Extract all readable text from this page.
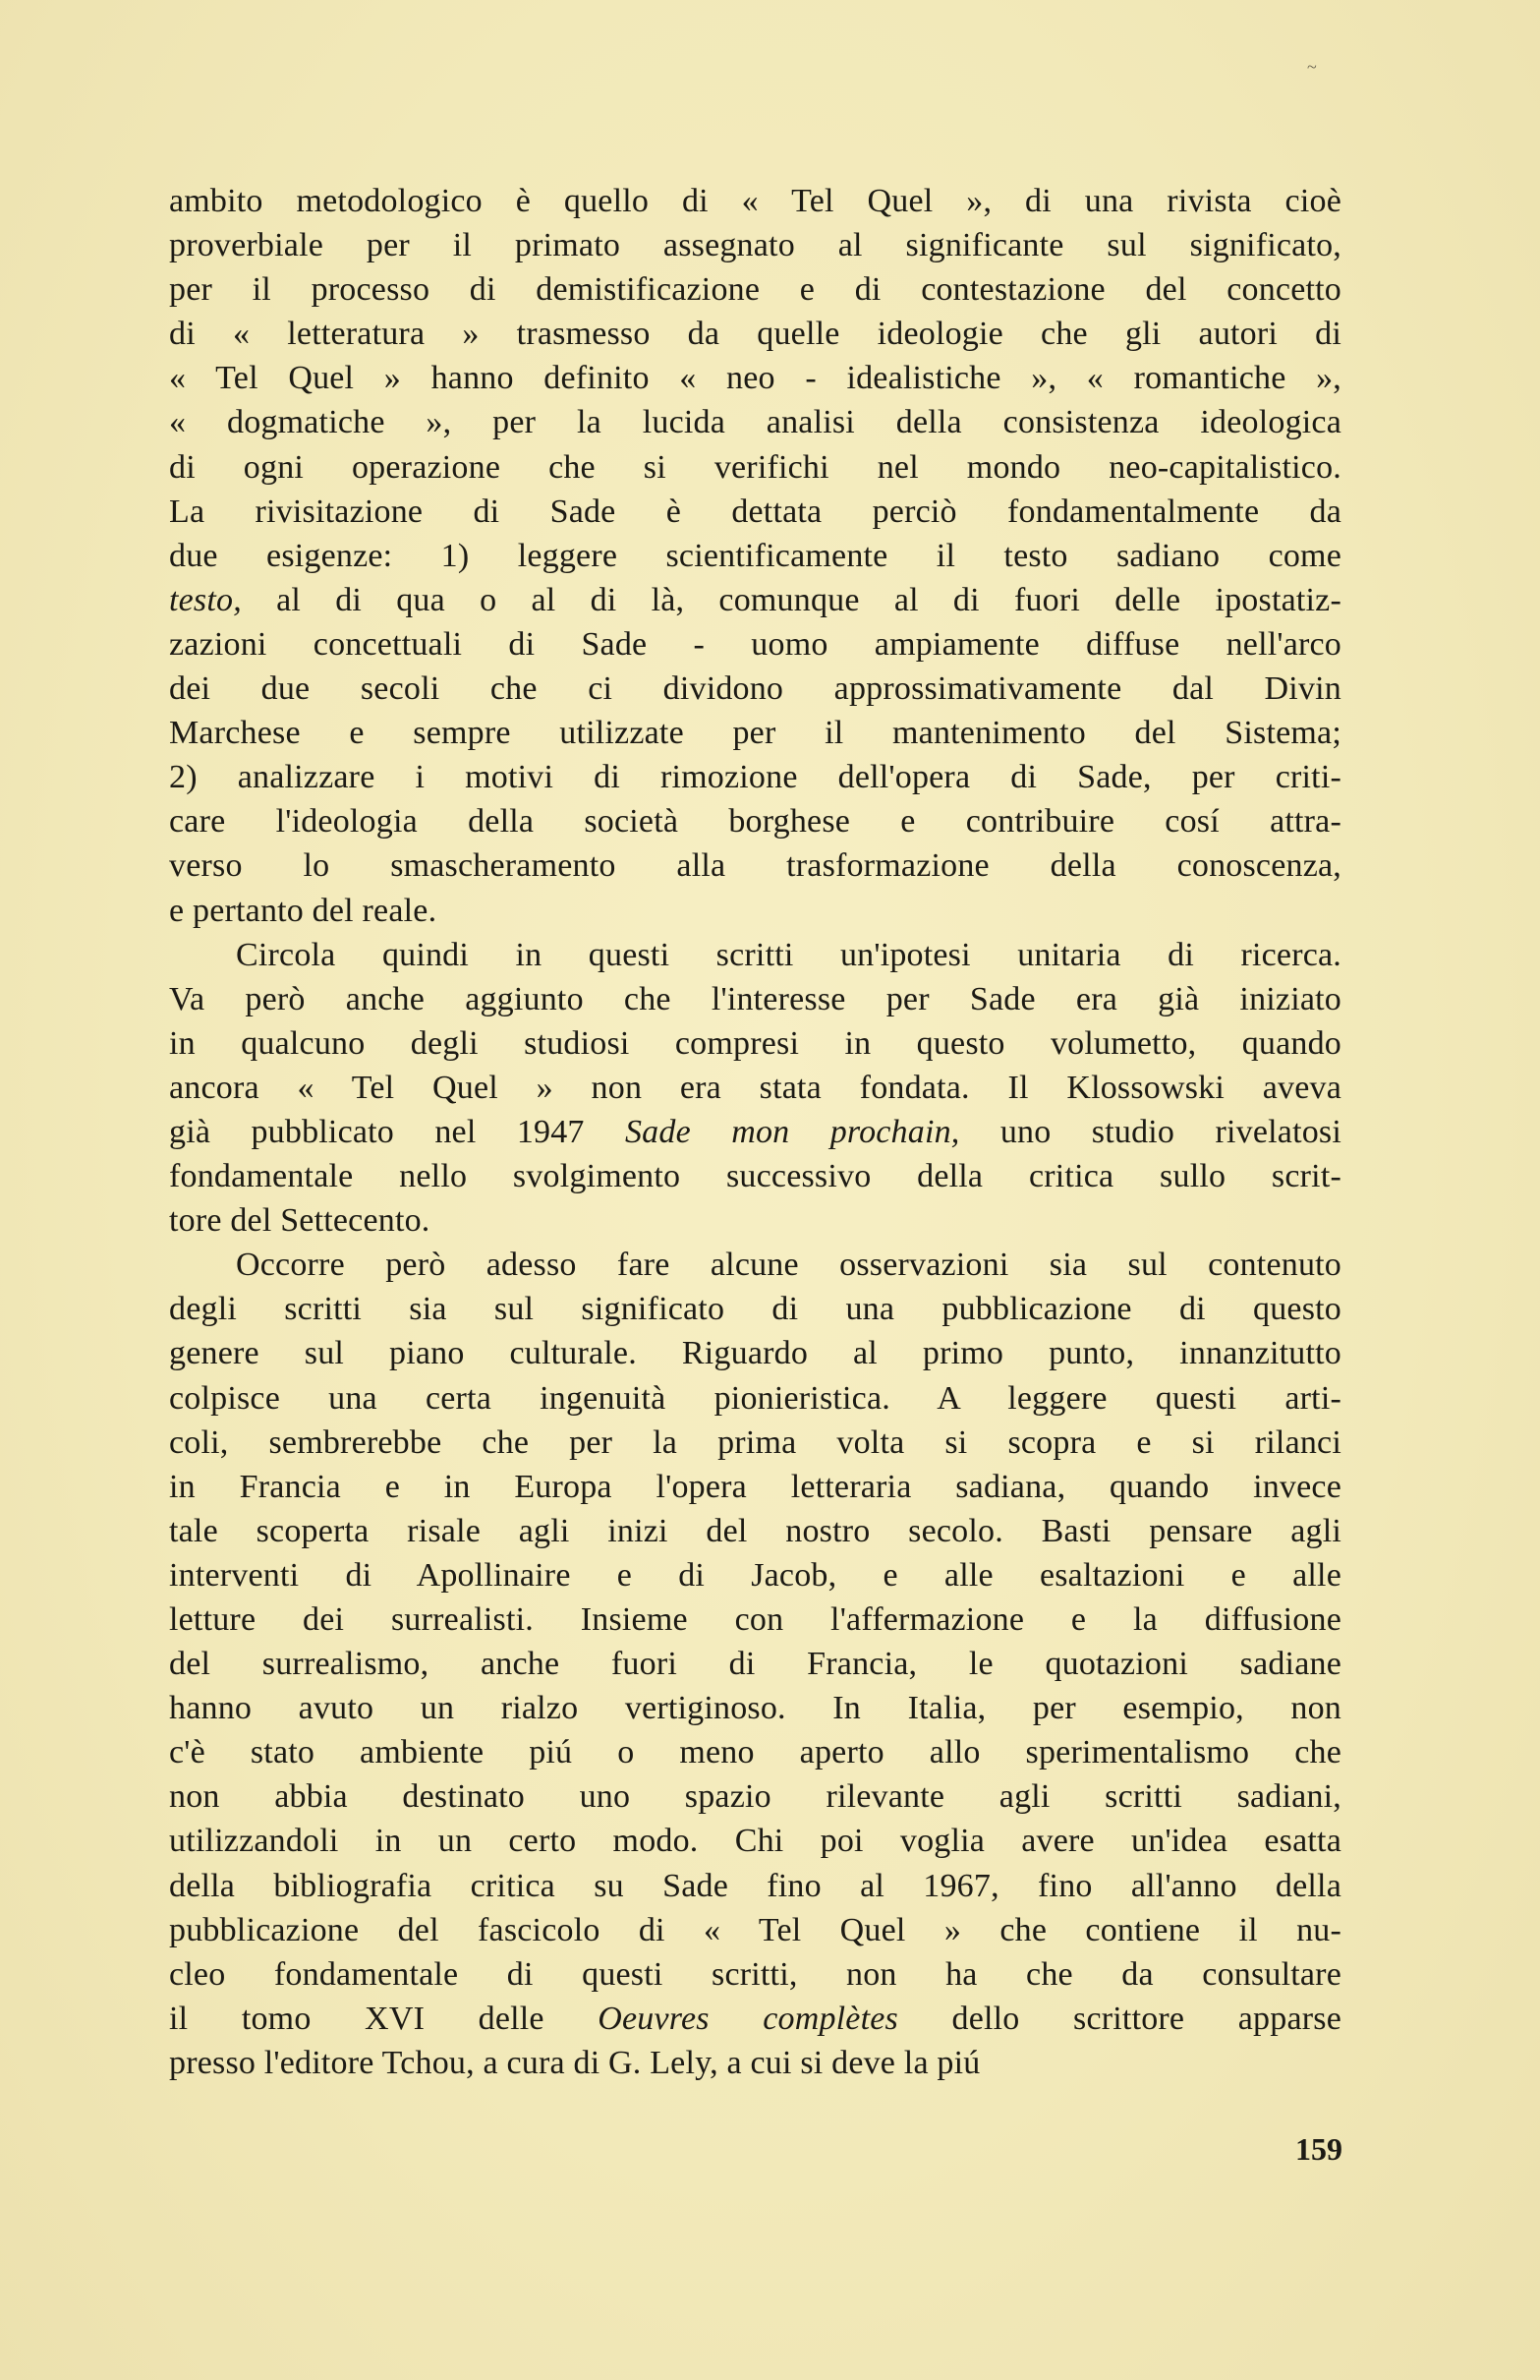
~
ambito metodologico è quello di « Tel Quel », di una rivista cioè
proverbiale per il primato assegnato al significante sul significato,
per il processo di demistificazione e di contestazione del concetto
di « letteratura » trasmesso da quelle ideologie che gli autori di
« Tel Quel » hanno definito « neo - idealistiche », « romantiche »,
« dogmatiche », per la lucida analisi della consistenza ideologica
di ogni operazione che si verifichi nel mondo neo-capitalistico.
La rivisitazione di Sade è dettata perciò fondamentalmente da
due esigenze: 1) leggere scientificamente il testo sadiano come
testo, al di qua o al di là, comunque al di fuori delle ipostatiz-
zazioni concettuali di Sade - uomo ampiamente diffuse nell'arco
dei due secoli che ci dividono approssimativamente dal Divin
Marchese e sempre utilizzate per il mantenimento del Sistema;
2) analizzare i motivi di rimozione dell'opera di Sade, per criti-
care l'ideologia della società borghese e contribuire cosí attra-
verso lo smascheramento alla trasformazione della conoscenza,
e pertanto del reale.
Circola quindi in questi scritti un'ipotesi unitaria di ricerca.
Va però anche aggiunto che l'interesse per Sade era già iniziato
in qualcuno degli studiosi compresi in questo volumetto, quando
ancora « Tel Quel » non era stata fondata. Il Klossowski aveva
già pubblicato nel 1947 Sade mon prochain, uno studio rivelatosi
fondamentale nello svolgimento successivo della critica sullo scrit-
tore del Settecento.
Occorre però adesso fare alcune osservazioni sia sul contenuto
degli scritti sia sul significato di una pubblicazione di questo
genere sul piano culturale. Riguardo al primo punto, innanzitutto
colpisce una certa ingenuità pionieristica. A leggere questi arti-
coli, sembrerebbe che per la prima volta si scopra e si rilanci
in Francia e in Europa l'opera letteraria sadiana, quando invece
tale scoperta risale agli inizi del nostro secolo. Basti pensare agli
interventi di Apollinaire e di Jacob, e alle esaltazioni e alle
letture dei surrealisti. Insieme con l'affermazione e la diffusione
del surrealismo, anche fuori di Francia, le quotazioni sadiane
hanno avuto un rialzo vertiginoso. In Italia, per esempio, non
c'è stato ambiente piú o meno aperto allo sperimentalismo che
non abbia destinato uno spazio rilevante agli scritti sadiani,
utilizzandoli in un certo modo. Chi poi voglia avere un'idea esatta
della bibliografia critica su Sade fino al 1967, fino all'anno della
pubblicazione del fascicolo di « Tel Quel » che contiene il nu-
cleo fondamentale di questi scritti, non ha che da consultare
il tomo XVI delle Oeuvres complètes dello scrittore apparse
presso l'editore Tchou, a cura di G. Lely, a cui si deve la piú
159
